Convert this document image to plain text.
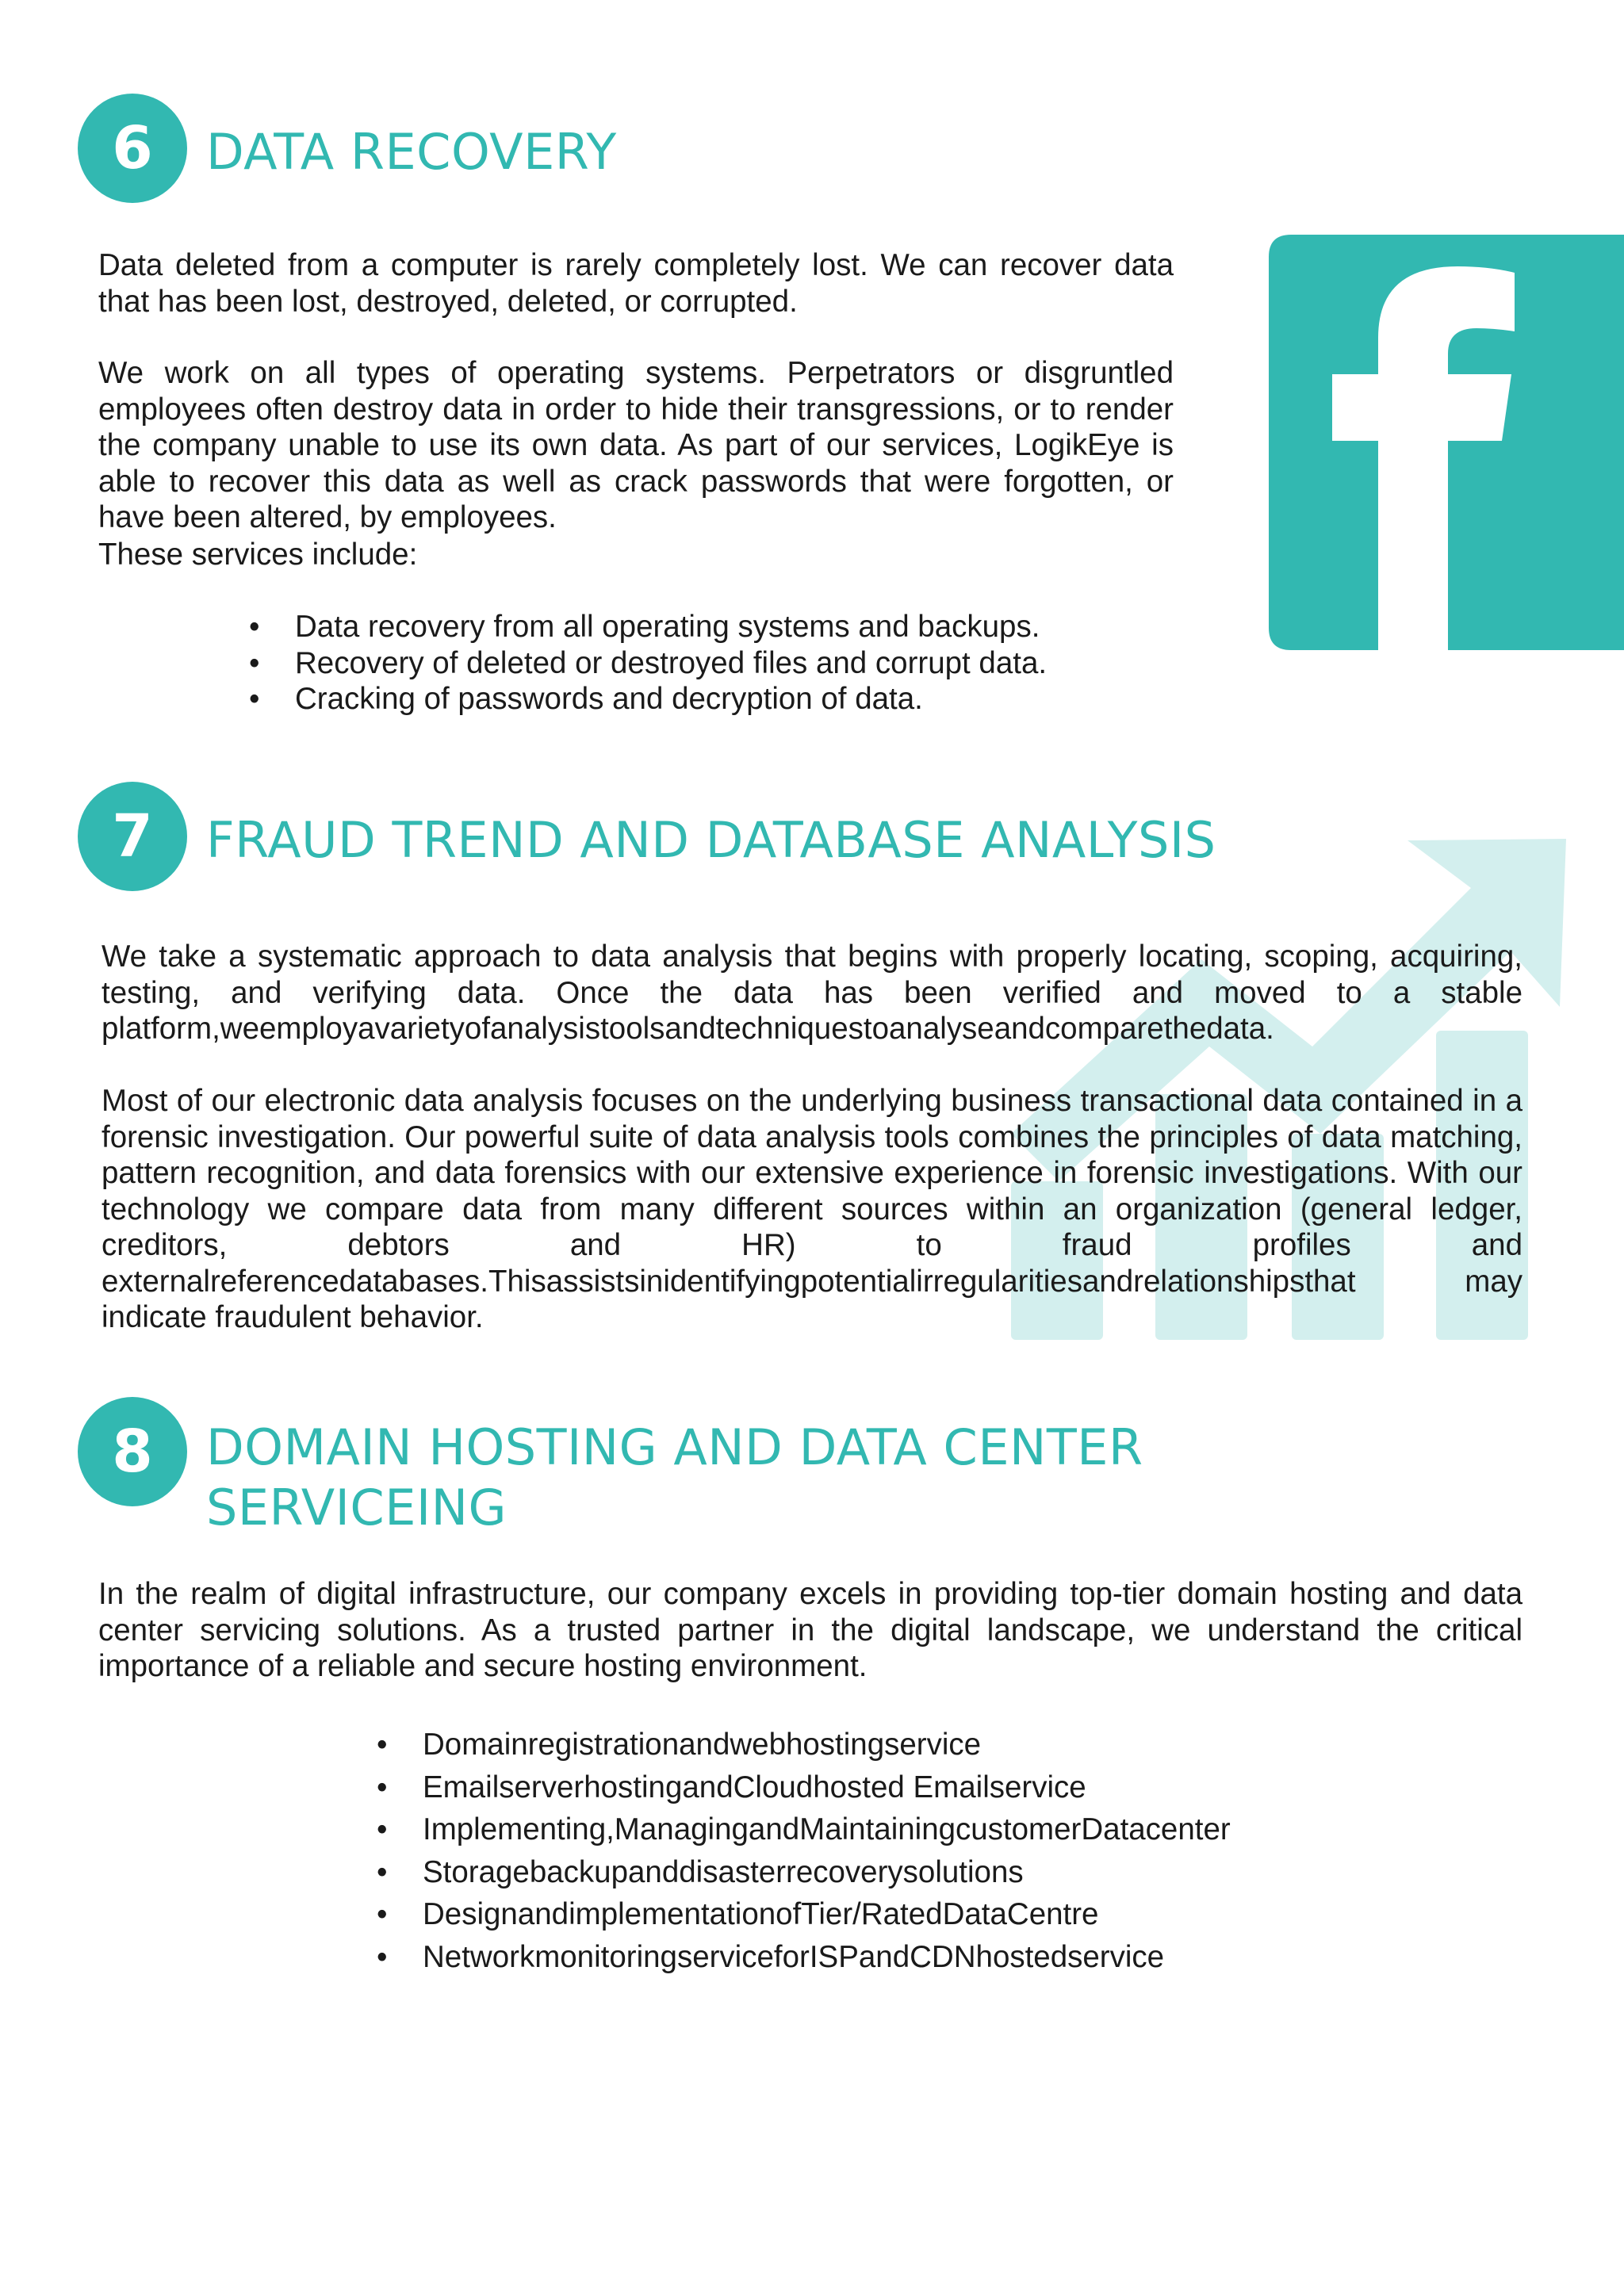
6	DATA RECOVERY

Data deleted from a computer is rarely completely lost. We can recover data that has been lost, destroyed, deleted, or corrupted.

We work on all types of operating systems. Perpetrators or disgruntled employees often destroy data in order to hide their transgressions, or to render the company unable to use its own data. As part of our services, LogikEye is able to recover this data as well as crack passwords that were forgotten, or have been altered, by employees.

These services include:

• Data recovery from all operating systems and backups.
• Recovery of deleted or destroyed files and corrupt data.
• Cracking of passwords and decryption of data.
7	FRAUD TREND AND DATABASE ANALYSIS

We take a systematic approach to data analysis that begins with properly locating, scoping, acquiring, testing, and verifying data. Once the data has been verified and moved to a stable platform,weemployavarietyofanalysistoolsandtechniquestoanalyseandcomparethedata.

Most of our electronic data analysis focuses on the underlying business transactional data contained in a forensic investigation. Our powerful suite of data analysis tools combines the principles of data matching, pattern recognition, and data forensics with our extensive experience in forensic investigations. With our technology we compare data from many different sources within an organization (general ledger, creditors, debtors and HR) to fraud profiles and externalreferencedatabases.Thisassistsinidentifyingpotentialirregularitiesandrelationshipsthat may indicate fraudulent behavior.

8	DOMAIN HOSTING AND DATA CENTER
SERVICEING

In the realm of digital infrastructure, our company excels in providing top-tier domain hosting and data center servicing solutions. As a trusted partner in the digital landscape, we understand the critical importance of a reliable and secure hosting environment.

• Domainregistrationandwebhostingservice
• EmailserverhostingandCloudhosted Emailservice
• Implementing,ManagingandMaintainingcustomerDatacenter
• Storagebackupanddisasterrecoverysolutions
• DesignandimplementationofTier/RatedDataCentre
• NetworkmonitoringserviceforISPandCDNhostedservice
